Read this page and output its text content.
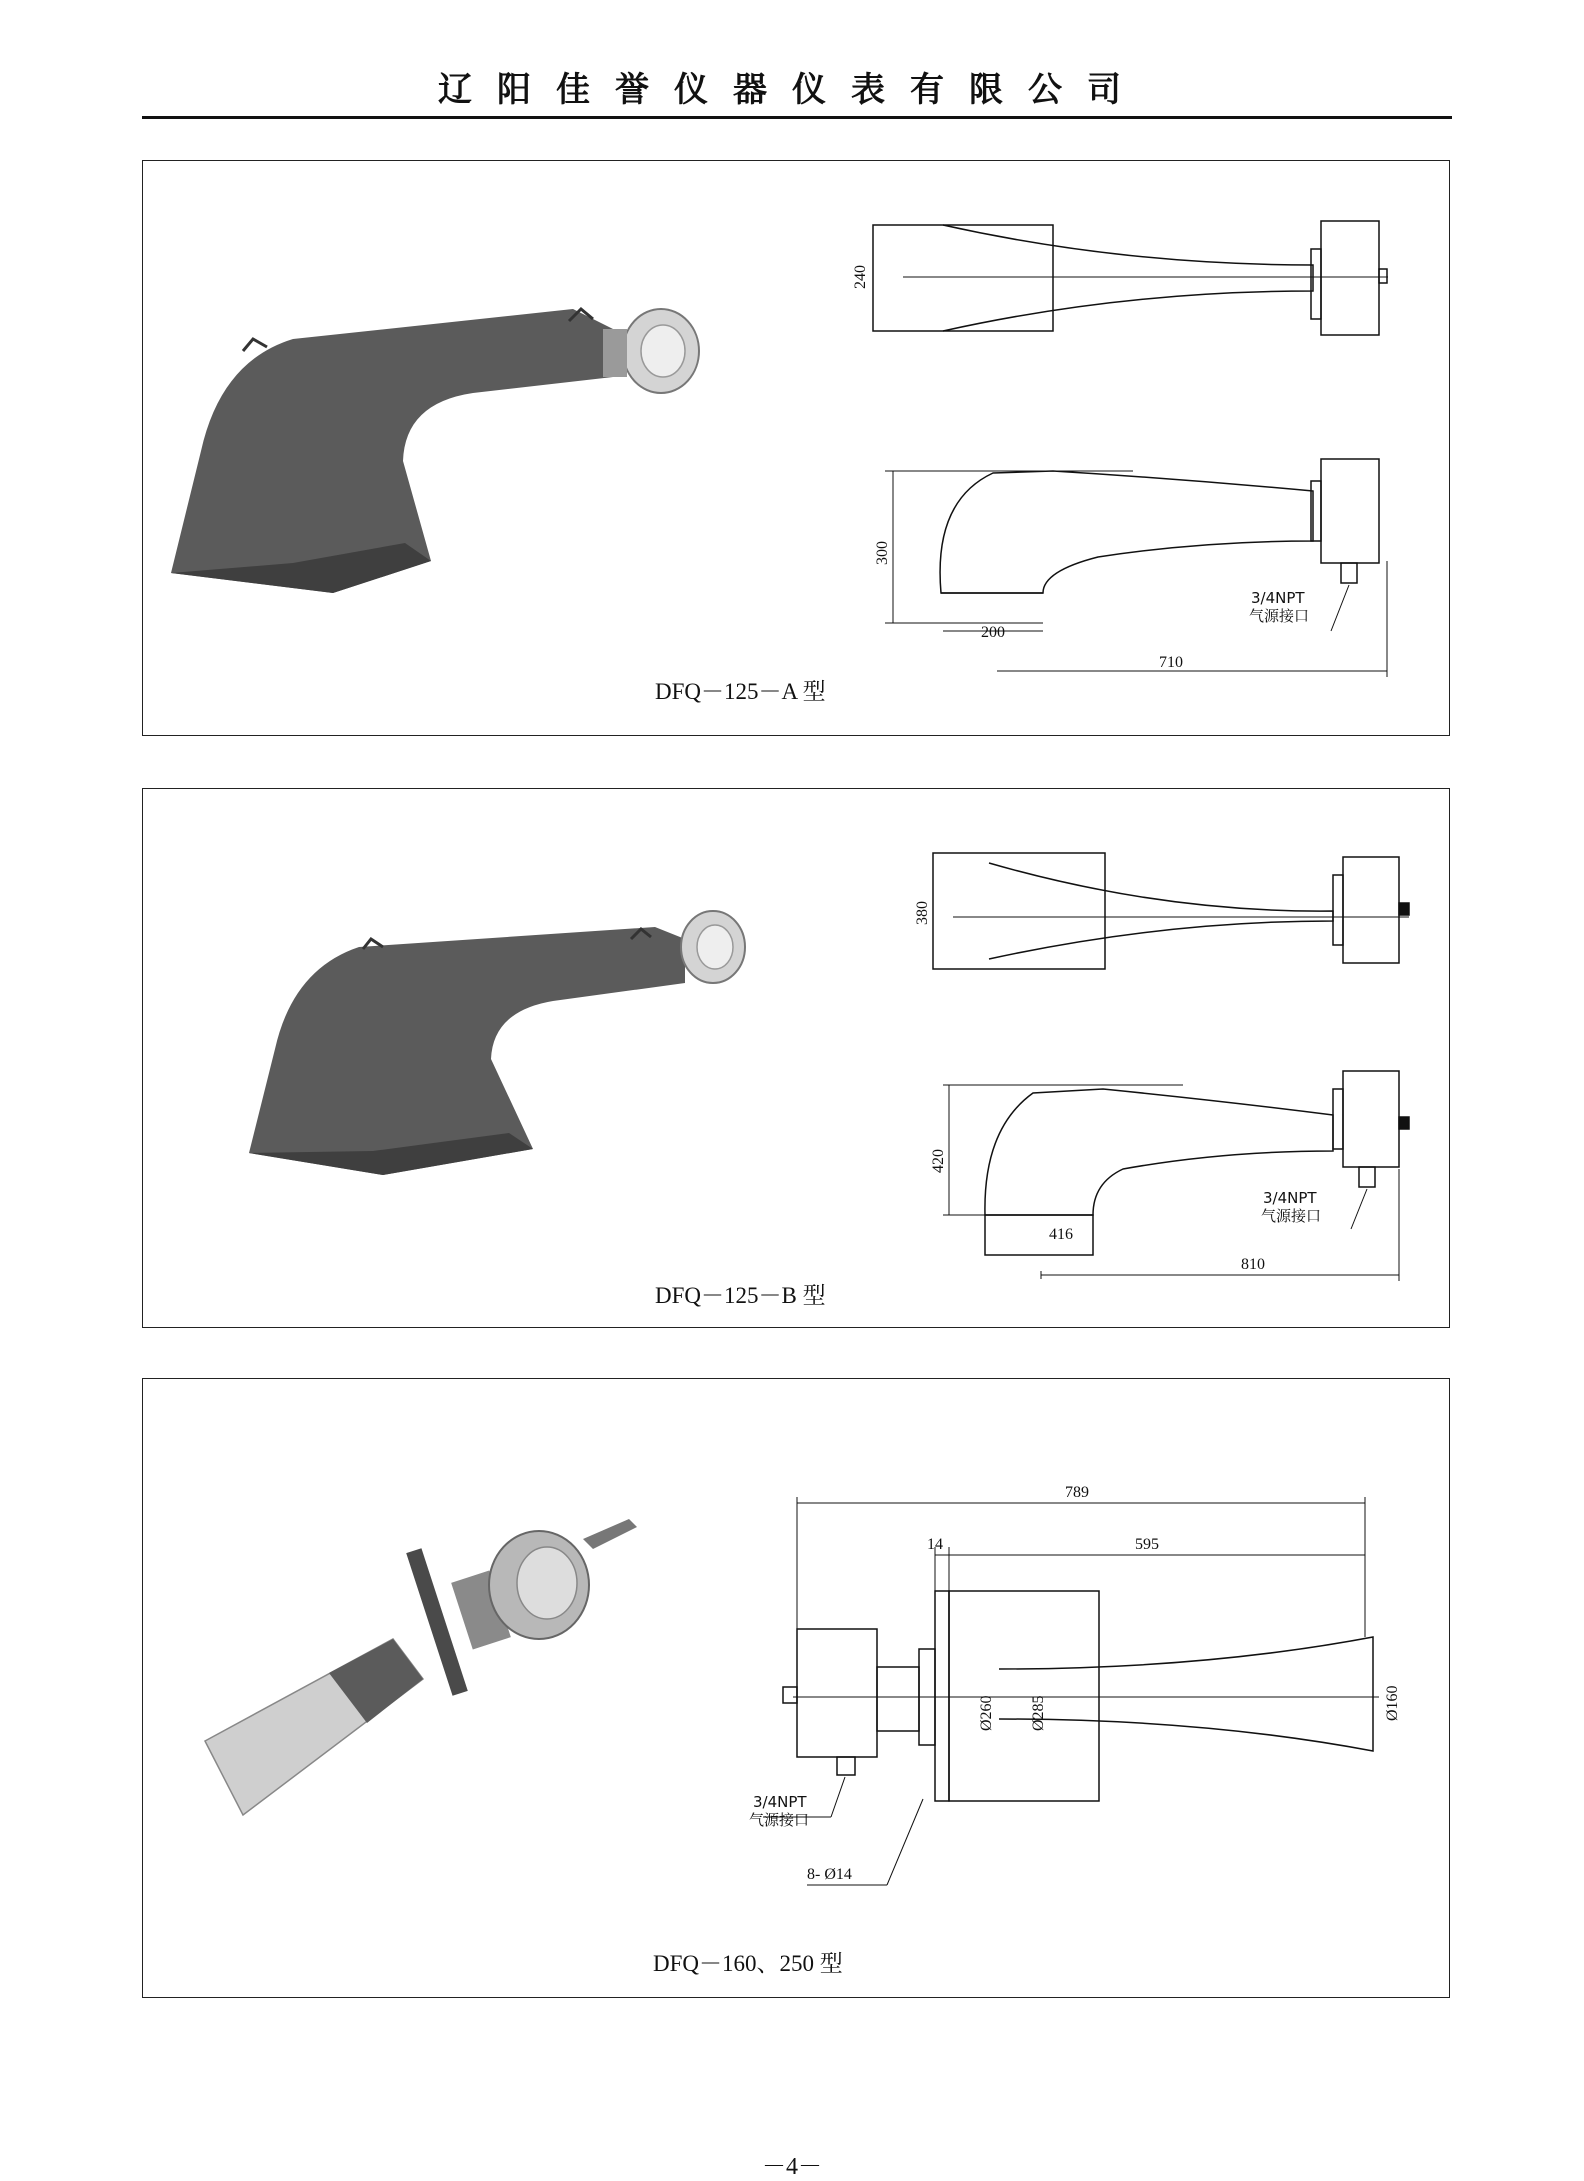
辽阳佳誉仪器仪表有限公司
240
300
200
710
3/4NPT
气源接口
DFQ－125－A 型
380
420
416
810
3/4NPT
气源接口
DFQ－125－B 型
789
14	595
Ø260 Ø285	Ø160
8- Ø14
3/4NPT
气源接口
DFQ－160、250 型
－4－
